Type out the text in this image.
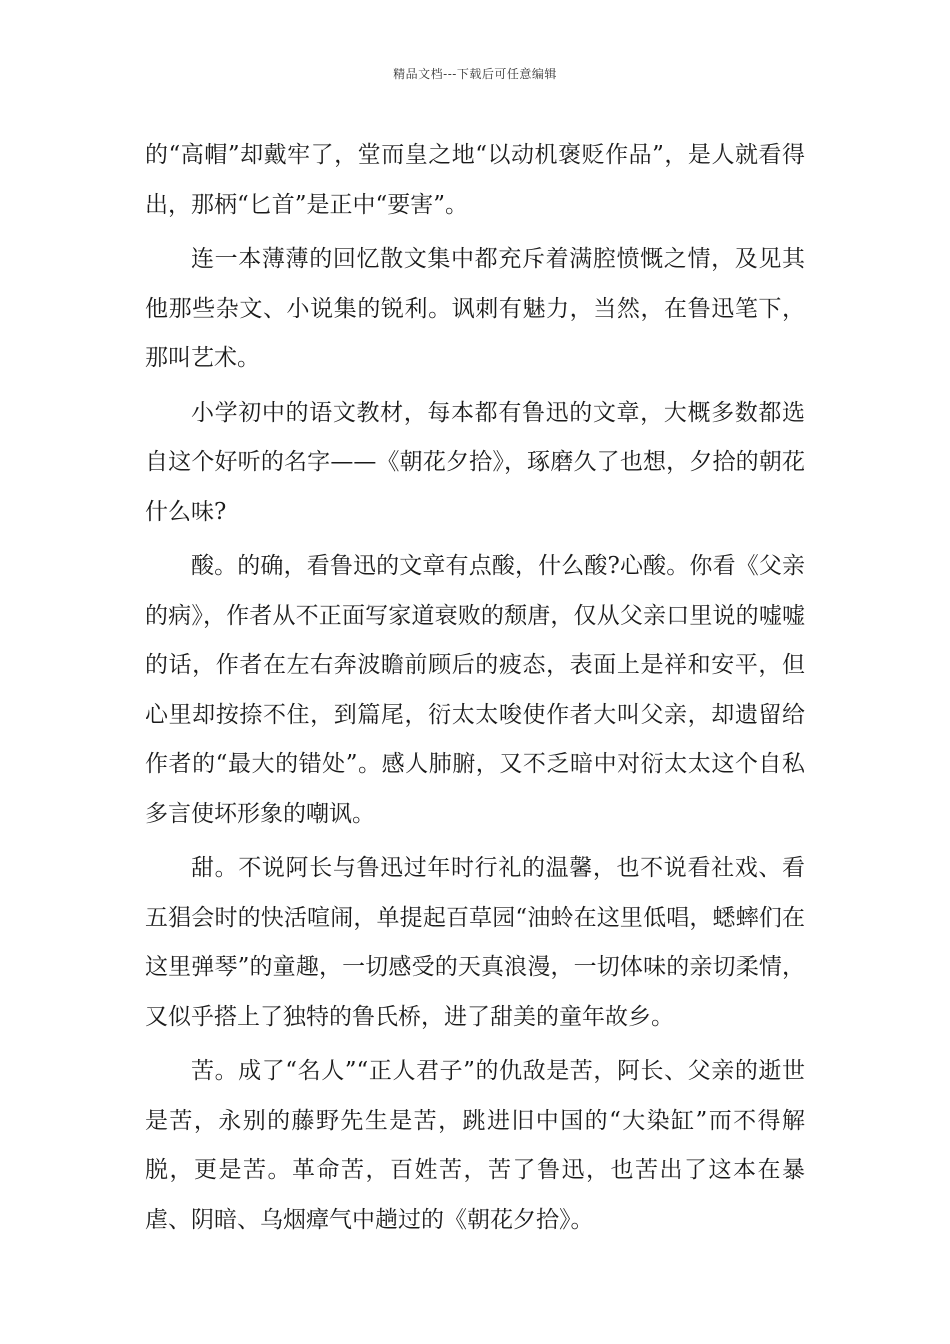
精品文档---下载后可任意编辑

的“高帽”却戴牢了，堂而皇之地“以动机褒贬作品”，是人就看得出，那柄“匕首”是正中“要害”。

连一本薄薄的回忆散文集中都充斥着满腔愤慨之情，及见其他那些杂文、小说集的锐利。讽刺有魅力，当然，在鲁迅笔下，那叫艺术。

小学初中的语文教材，每本都有鲁迅的文章，大概多数都选自这个好听的名字——《朝花夕拾》，琢磨久了也想，夕拾的朝花什么味?

酸。的确，看鲁迅的文章有点酸，什么酸?心酸。你看《父亲的病》，作者从不正面写家道衰败的颓唐，仅从父亲口里说的嘘嘘的话，作者在左右奔波瞻前顾后的疲态，表面上是祥和安平，但心里却按捺不住，到篇尾，衍太太唆使作者大叫父亲，却遗留给作者的“最大的错处”。感人肺腑，又不乏暗中对衍太太这个自私多言使坏形象的嘲讽。

甜。不说阿长与鲁迅过年时行礼的温馨，也不说看社戏、看五猖会时的快活喧闹，单提起百草园“油蛉在这里低唱，蟋蟀们在这里弹琴”的童趣，一切感受的天真浪漫，一切体味的亲切柔情，又似乎搭上了独特的鲁氏桥，进了甜美的童年故乡。

苦。成了“名人”“正人君子”的仇敌是苦，阿长、父亲的逝世是苦，永别的藤野先生是苦，跳进旧中国的“大染缸”而不得解脱，更是苦。革命苦，百姓苦，苦了鲁迅，也苦出了这本在暴虐、阴暗、乌烟瘴气中趟过的《朝花夕拾》。
